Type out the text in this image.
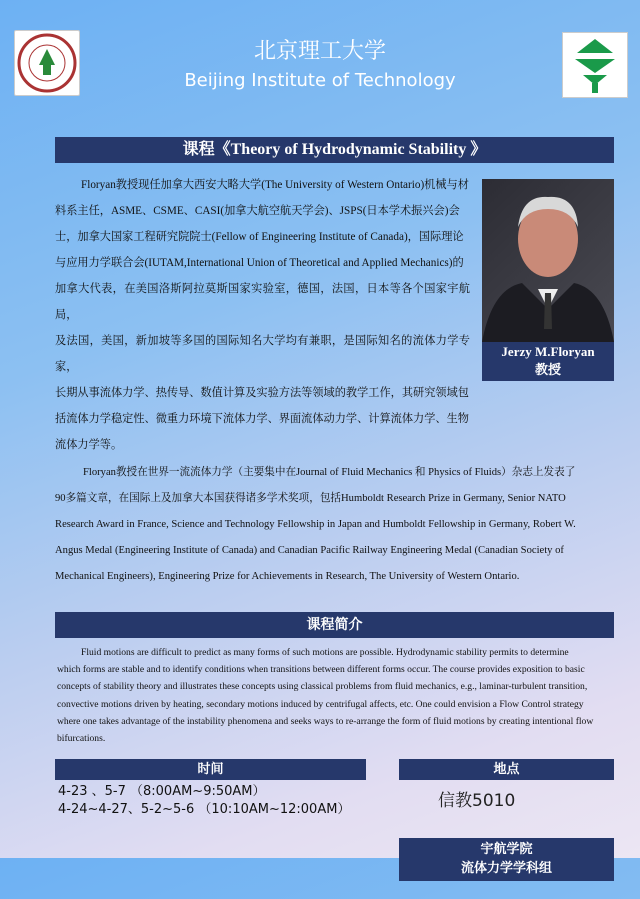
北京理工大学
Beijing Institute of Technology
课程《Theory of Hydrodynamic Stability 》
Floryan教授现任加拿大西安大略大学(The University of Western Ontario)机械与材
料系主任，ASME、CSME、CASI(加拿大航空航天学会)、JSPS(日本学术振兴会)会
士，加拿大国家工程研究院院士(Fellow of Engineering Institute of Canada)，国际理论
与应用力学联合会(IUTAM,International Union of Theoretical and Applied Mechanics)的
加拿大代表，在美国洛斯阿拉莫斯国家实验室，德国，法国，日本等各个国家宇航局，
及法国，美国，新加坡等多国的国际知名大学均有兼职，是国际知名的流体力学专家，
长期从事流体力学、热传导、数值计算及实验方法等领域的教学工作，其研究领域包
括流体力学稳定性、微重力环境下流体力学、界面流体动力学、计算流体力学、生物
流体力学等。
Jerzy M.Floryan
教授
Floryan教授在世界一流流体力学（主要集中在Journal of Fluid Mechanics 和 Physics of Fluids）杂志上发表了
90多篇文章，在国际上及加拿大本国获得诸多学术奖项，包括Humboldt Research Prize in Germany, Senior NATO
Research Award in France, Science and Technology Fellowship in Japan and Humboldt Fellowship in Germany, Robert W.
Angus Medal (Engineering Institute of Canada) and Canadian Pacific Railway Engineering Medal (Canadian Society of
Mechanical Engineers), Engineering Prize for Achievements in Research, The University of Western Ontario.
课程简介
Fluid motions are difficult to predict as many forms of such motions are possible. Hydrodynamic stability permits to determine
which forms are stable and to identify conditions when transitions between different forms occur. The course provides exposition to basic
concepts of stability theory and illustrates these concepts using classical problems from fluid mechanics, e.g., laminar-turbulent transition,
convective motions driven by heating, secondary motions induced by centrifugal affects, etc. One could envision a Flow Control strategy
where one takes advantage of the instability phenomena and seeks ways to re-arrange the form of fluid motions by creating intentional flow
bifurcations.
时间
4-23 、5-7 （8:00AM~9:50AM）
4-24~4-27、5-2~5-6 （10:10AM~12:00AM）
地点
信教5010
宇航学院
流体力学学科组
